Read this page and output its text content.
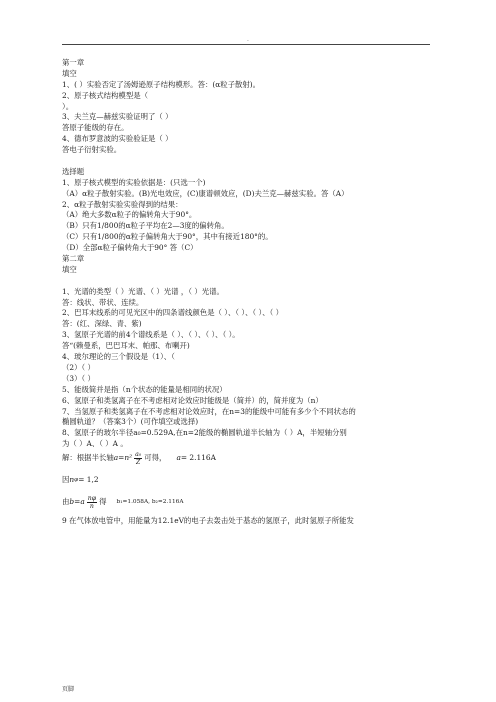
.
第一章
填空
1、( ）实验否定了汤姆逊原子结构模形。答：(α粒子散射)。
2、原子核式结构模型是（
）。
3、夫兰克—赫兹实验证明了（ ）
答原子能级的存在。
4、德布罗意波的实验验证是（ ）
答电子衍射实验。
选择题
1、原子核式模型的实验依据是：(只选一个)
（A）α粒子散射实验。(B)光电效应，(C)康谱顿效应，(D)夫兰克—赫兹实验。答（A）
2、α粒子散射实验实验得到的结果：
（A）绝大多数α粒子的偏转角大于90°。
（B）只有1/800的α粒子平均在2—3度的偏转角。
（C）只有1/800的α粒子偏转角大于90°，其中有接近180°的。
（D）全部α粒子偏转角大于90° 答（C）
第二章
填空
1、光谱的类型（ ）光谱、（ ）光谱 ，（ ）光谱。
答：线状、带状、连续。
2、巴耳末线系的可见光区中的四条谱线颜色是（ ）、（ ）、（ ）、（ ）
答：(红、深绿、青、紫)
3、氢原子光谱的前4个谱线系是（ ）、（ ）、（ ）、（ ）。
答“(赖曼系，巴巴耳末、帕那、布喇开)
4、玻尔理论的三个假设是（1）、（
（2）（ ）
（3）（ ）
5、能级简并是指（n个状态的能量是相同的状况）
6、氢原子和类氢离子在不考虑相对论效应时能级是（简并）的，简并度为（n）
7、当氢原子和类氢离子在不考虑相对论效应时，在n=3的能级中可能有多少个不同状态的
椭圆轨道？（答案3个）(可作填空或选择)
8、氢原子的玻尔半径a₀=0.529A,在n=2能级的椭圆轨道半长轴为（ ）A，半短轴分别
为（ ）A、（ ）A 。
解：根据半长轴 $a = n^2 \frac{\text{a₀}}{Z}$ 可得， a = 2.116 A
因 n φ = 1,2
由 b = a $\frac{n\varphi}{n}$ 得 b₁=1.058A, b₂=2.116A
9 在气体放电管中，用能量为12.1eV的电子去轰击处于基态的氢原子，此时氢原子所能发
页脚
